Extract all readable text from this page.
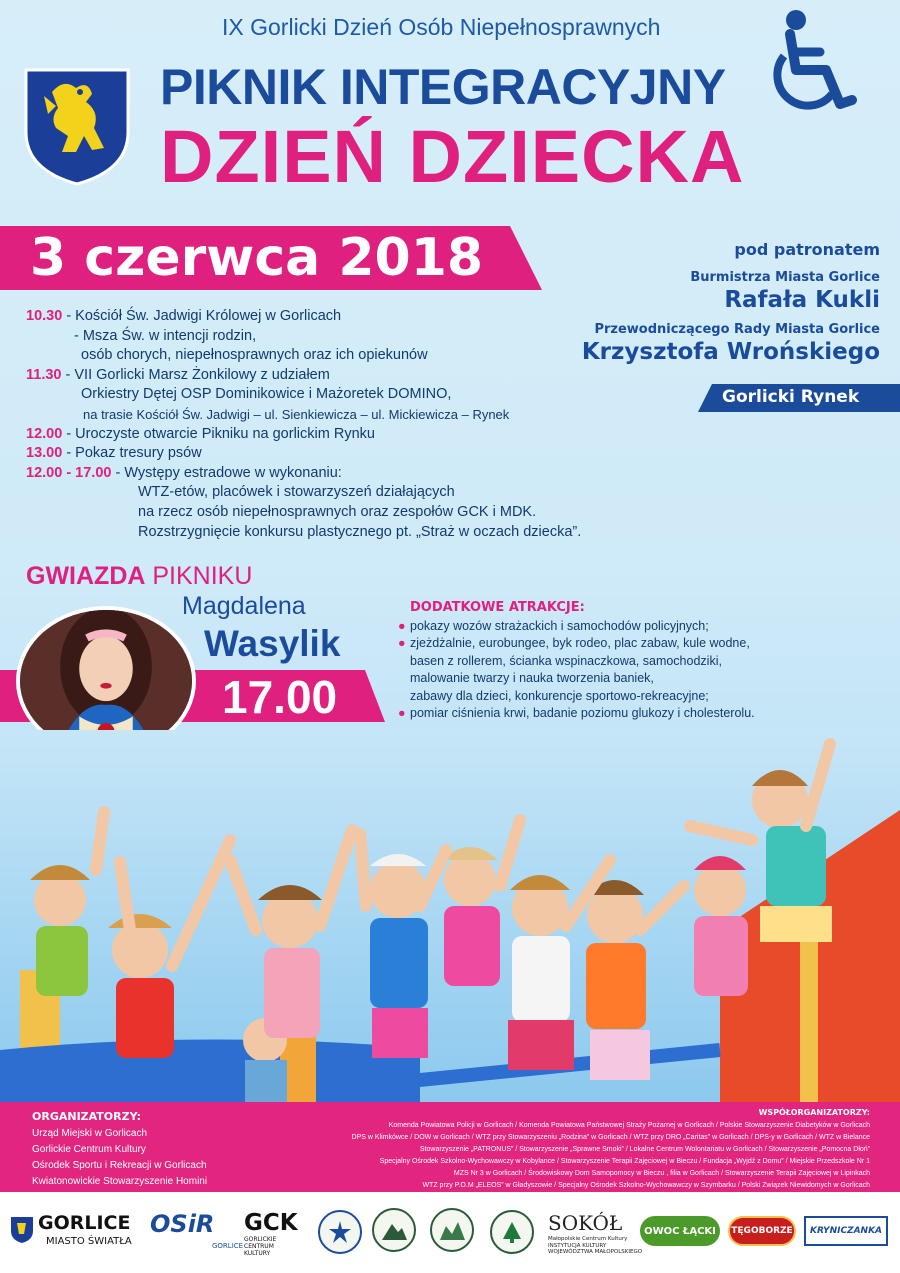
IX Gorlicki Dzień Osób Niepełnosprawnych
PIKNIK INTEGRACYJNY
DZIEŃ DZIECKA
3 czerwca 2018	pod patronatem
Burmistrza Miasta Gorlice
Rafała Kukli
Przewodniczącego Rady Miasta Gorlice
Krzysztofa Wrońskiego
Gorlicki Rynek
10.30 - Kościół Św. Jadwigi Królowej w Gorlicach
- Msza Św. w intencji rodzin,
osób chorych, niepełnosprawnych oraz ich opiekunów
11.30 - VII Gorlicki Marsz Żonkilowy z udziałem
Orkiestry Dętej OSP Dominikowice i Mażoretek DOMINO,
na trasie Kościół Św. Jadwigi – ul. Sienkiewicza – ul. Mickiewicza – Rynek
12.00 - Uroczyste otwarcie Pikniku na gorlickim Rynku
13.00 - Pokaz tresury psów
12.00 - 17.00 - Występy estradowe w wykonaniu:
WTZ-etów, placówek i stowarzyszeń działających
na rzecz osób niepełnosprawnych oraz zespołów GCK i MDK.
Rozstrzygnięcie konkursu plastycznego pt. „Straż w oczach dziecka”.
GWIAZDA PIKNIKU
Magdalena
Wasylik
17.00
DODATKOWE ATRAKCJE:
● pokazy wozów strażackich i samochodów policyjnych;
● zjeżdżalnie, eurobungee, byk rodeo, plac zabaw, kule wodne,
basen z rollerem, ścianka wspinaczkowa, samochodziki,
malowanie twarzy i nauka tworzenia baniek,
zabawy dla dzieci, konkurencje sportowo-rekreacyjne;
● pomiar ciśnienia krwi, badanie poziomu glukozy i cholesterolu.
ORGANIZATORZY:
Urząd Miejski w Gorlicach
Gorlickie Centrum Kultury
Ośrodek Sportu i Rekreacji w Gorlicach
Kwiatonowickie Stowarzyszenie Homini
WSPÓŁORGANIZATORZY:
Komenda Powiatowa Policji w Gorlicach / Komenda Powiatowa Państwowej Straży Pożarnej w Gorlicach / Polskie Stowarzyszenie Diabetyków w Gorlicach
DPS w Klimkówce / DOW w Gorlicach / WTZ przy Stowarzyszeniu „Rodzina” w Gorlicach / WTZ przy DRO „Caritas” w Gorlicach / DPS-y w Gorlicach / WTZ w Bielance
Stowarzyszenie „PATRONUS” / Stowarzyszenie „Sprawne Smoki” / Lokalne Centrum Wolontariatu w Gorlicach / Stowarzyszenie „Pomocna Dłoń”
Specjalny Ośrodek Szkolno-Wychowawczy w Kobylance / Stowarzyszenie Terapii Zajęciowej w Bieczu / Fundacja „Wyjdź z Domu” / Miejskie Przedszkole Nr 1
MZS Nr 3 w Gorlicach / Środowiskowy Dom Samopomocy w Bieczu , filia w Gorlicach / Stowarzyszenie Terapii Zajęciowej w Lipinkach
WTZ przy P.O.M „ELEOS” w Gładyszowie / Specjalny Ośrodek Szkolno-Wychowawczy w Szymbarku / Polski Związek Niewidomych w Gorlicach
GORLICE
MIASTO ŚWIATŁA
OSiR
GORLICE
GCK
GORLICKIE
CENTRUM
KULTURY
SOKÓŁ
Małopolskie Centrum Kultury
INSTYTUCJA KULTURY
WOJEWÓDZTWA MAŁOPOLSKIEGO
OWOC ŁĄCKI	TĘGOBORZE	KRYNICZANKA
